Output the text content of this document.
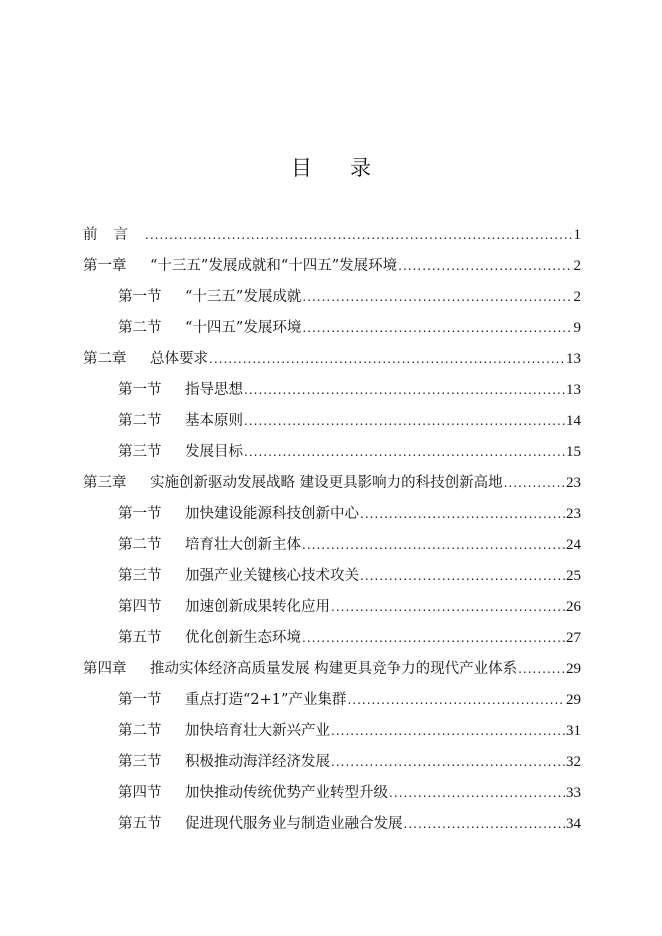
目 录
前言 .....	1
第一章 “十三五”发展成就和“十四五”发展环境 .....	2
第一节 “十三五”发展成就 .....	2
第二节 “十四五”发展环境 .....	9
第二章 总体要求 .....	13
第一节 指导思想 .....	13
第二节 基本原则 .....	14
第三节 发展目标 .....	15
第三章 实施创新驱动发展战略 建设更具影响力的科技创新高地 .....	23
第一节 加快建设能源科技创新中心 .....	23
第二节 培育壮大创新主体 .....	24
第三节 加强产业关键核心技术攻关 .....	25
第四节 加速创新成果转化应用 .....	26
第五节 优化创新生态环境 .....	27
第四章 推动实体经济高质量发展 构建更具竞争力的现代产业体系 .....	29
第一节 重点打造“2+1”产业集群 .....	29
第二节 加快培育壮大新兴产业 .....	31
第三节 积极推动海洋经济发展 .....	32
第四节 加快推动传统优势产业转型升级 .....	33
第五节 促进现代服务业与制造业融合发展 .....	34
